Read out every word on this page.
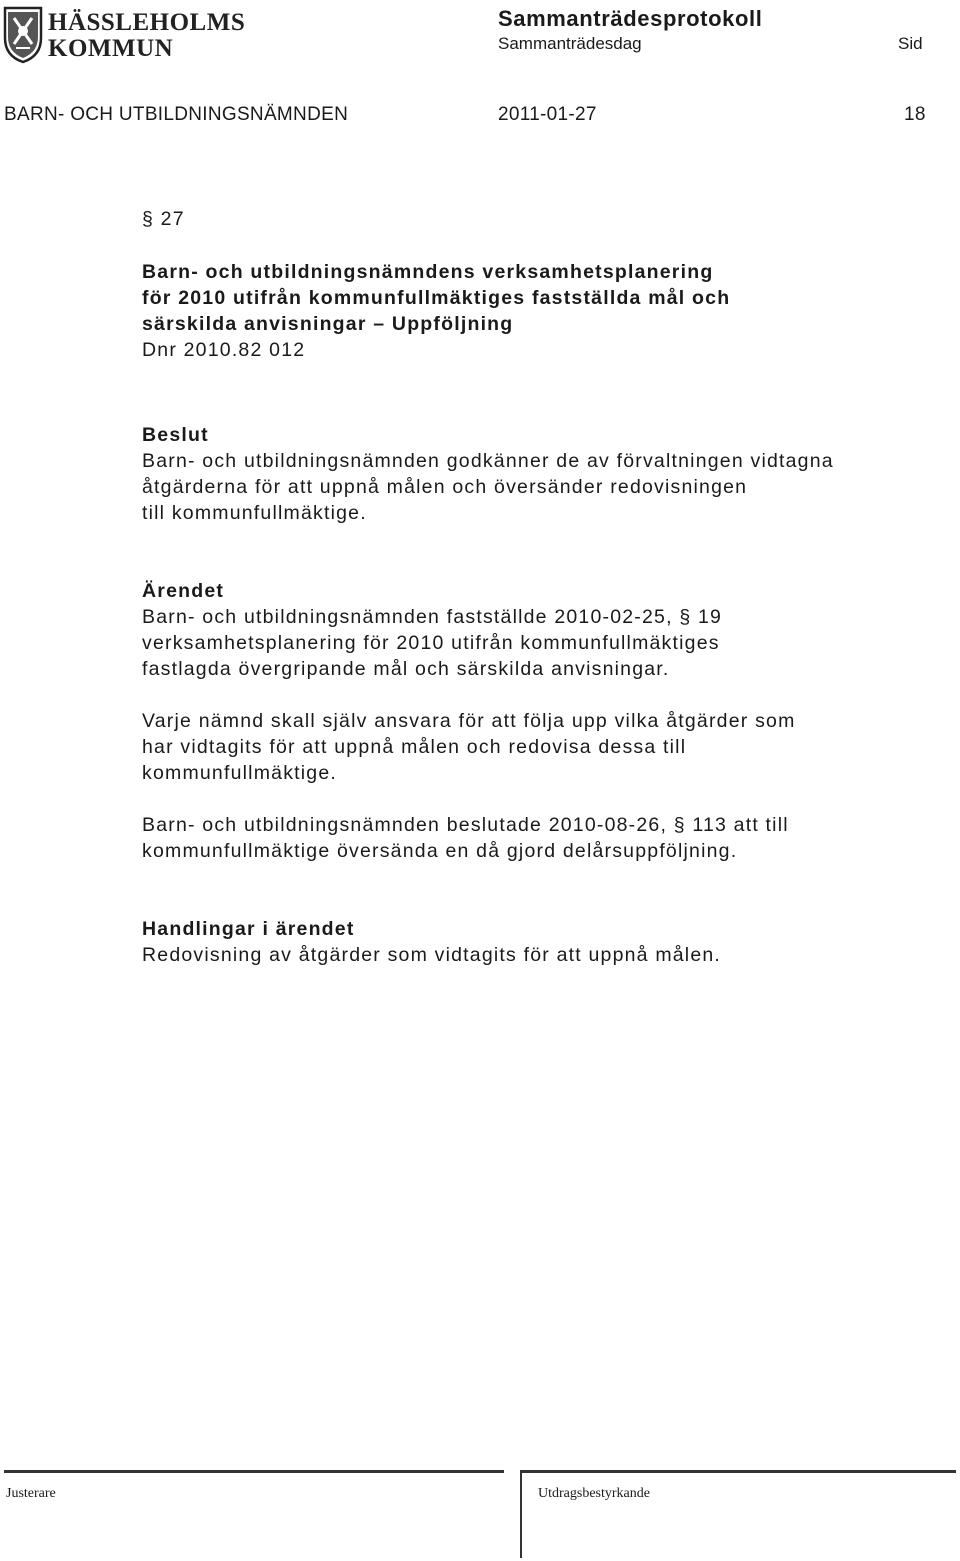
HÄSSLEHOLMS
KOMMUN
Sammanträdesprotokoll
Sammanträdesdag	Sid
BARN- OCH UTBILDNINGSNÄMNDEN	2011-01-27	18
§ 27

Barn- och utbildningsnämndens verksamhetsplanering

för 2010 utifrån kommunfullmäktiges fastställda mål och

särskilda anvisningar – Uppföljning

Dnr 2010.82 012

Beslut

Barn- och utbildningsnämnden godkänner de av förvaltningen vidtagna

åtgärderna för att uppnå målen och översänder redovisningen

till kommunfullmäktige.

Ärendet

Barn- och utbildningsnämnden fastställde 2010-02-25, § 19

verksamhetsplanering för 2010 utifrån kommunfullmäktiges

fastlagda övergripande mål och särskilda anvisningar.

Varje nämnd skall själv ansvara för att följa upp vilka åtgärder som

har vidtagits för att uppnå målen och redovisa dessa till

kommunfullmäktige.

Barn- och utbildningsnämnden beslutade 2010-08-26, § 113 att till

kommunfullmäktige översända en då gjord delårsuppföljning.

Handlingar i ärendet

Redovisning av åtgärder som vidtagits för att uppnå målen.

Justerare	Utdragsbestyrkande
